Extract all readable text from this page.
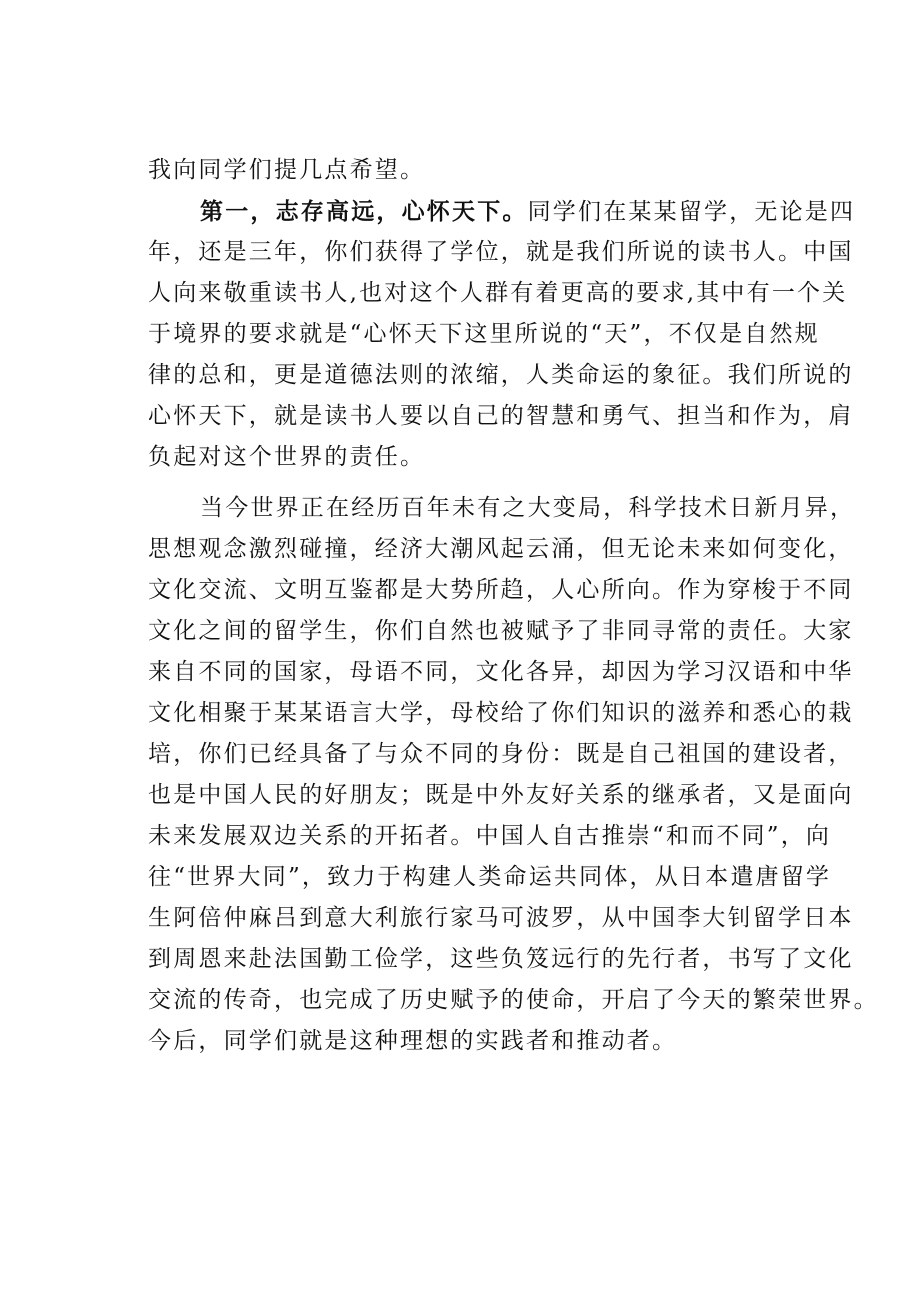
我向同学们提几点希望。
第一，志存高远，心怀天下。同学们在某某留学，无论是四
年，还是三年，你们获得了学位，就是我们所说的读书人。中国
人向来敬重读书人,也对这个人群有着更高的要求,其中有一个关
于境界的要求就是“心怀天下这里所说的“天”，不仅是自然规
律的总和，更是道德法则的浓缩，人类命运的象征。我们所说的
心怀天下，就是读书人要以自己的智慧和勇气、担当和作为，肩
负起对这个世界的责任。
当今世界正在经历百年未有之大变局，科学技术日新月异，
思想观念激烈碰撞，经济大潮风起云涌，但无论未来如何变化，
文化交流、文明互鉴都是大势所趋，人心所向。作为穿梭于不同
文化之间的留学生，你们自然也被赋予了非同寻常的责任。大家
来自不同的国家，母语不同，文化各异，却因为学习汉语和中华
文化相聚于某某语言大学，母校给了你们知识的滋养和悉心的栽
培，你们已经具备了与众不同的身份：既是自己祖国的建设者，
也是中国人民的好朋友；既是中外友好关系的继承者，又是面向
未来发展双边关系的开拓者。中国人自古推崇“和而不同”，向
往“世界大同”，致力于构建人类命运共同体，从日本遣唐留学
生阿倍仲麻吕到意大利旅行家马可波罗，从中国李大钊留学日本
到周恩来赴法国勤工俭学，这些负笈远行的先行者，书写了文化
交流的传奇，也完成了历史赋予的使命，开启了今天的繁荣世界。
今后，同学们就是这种理想的实践者和推动者。
